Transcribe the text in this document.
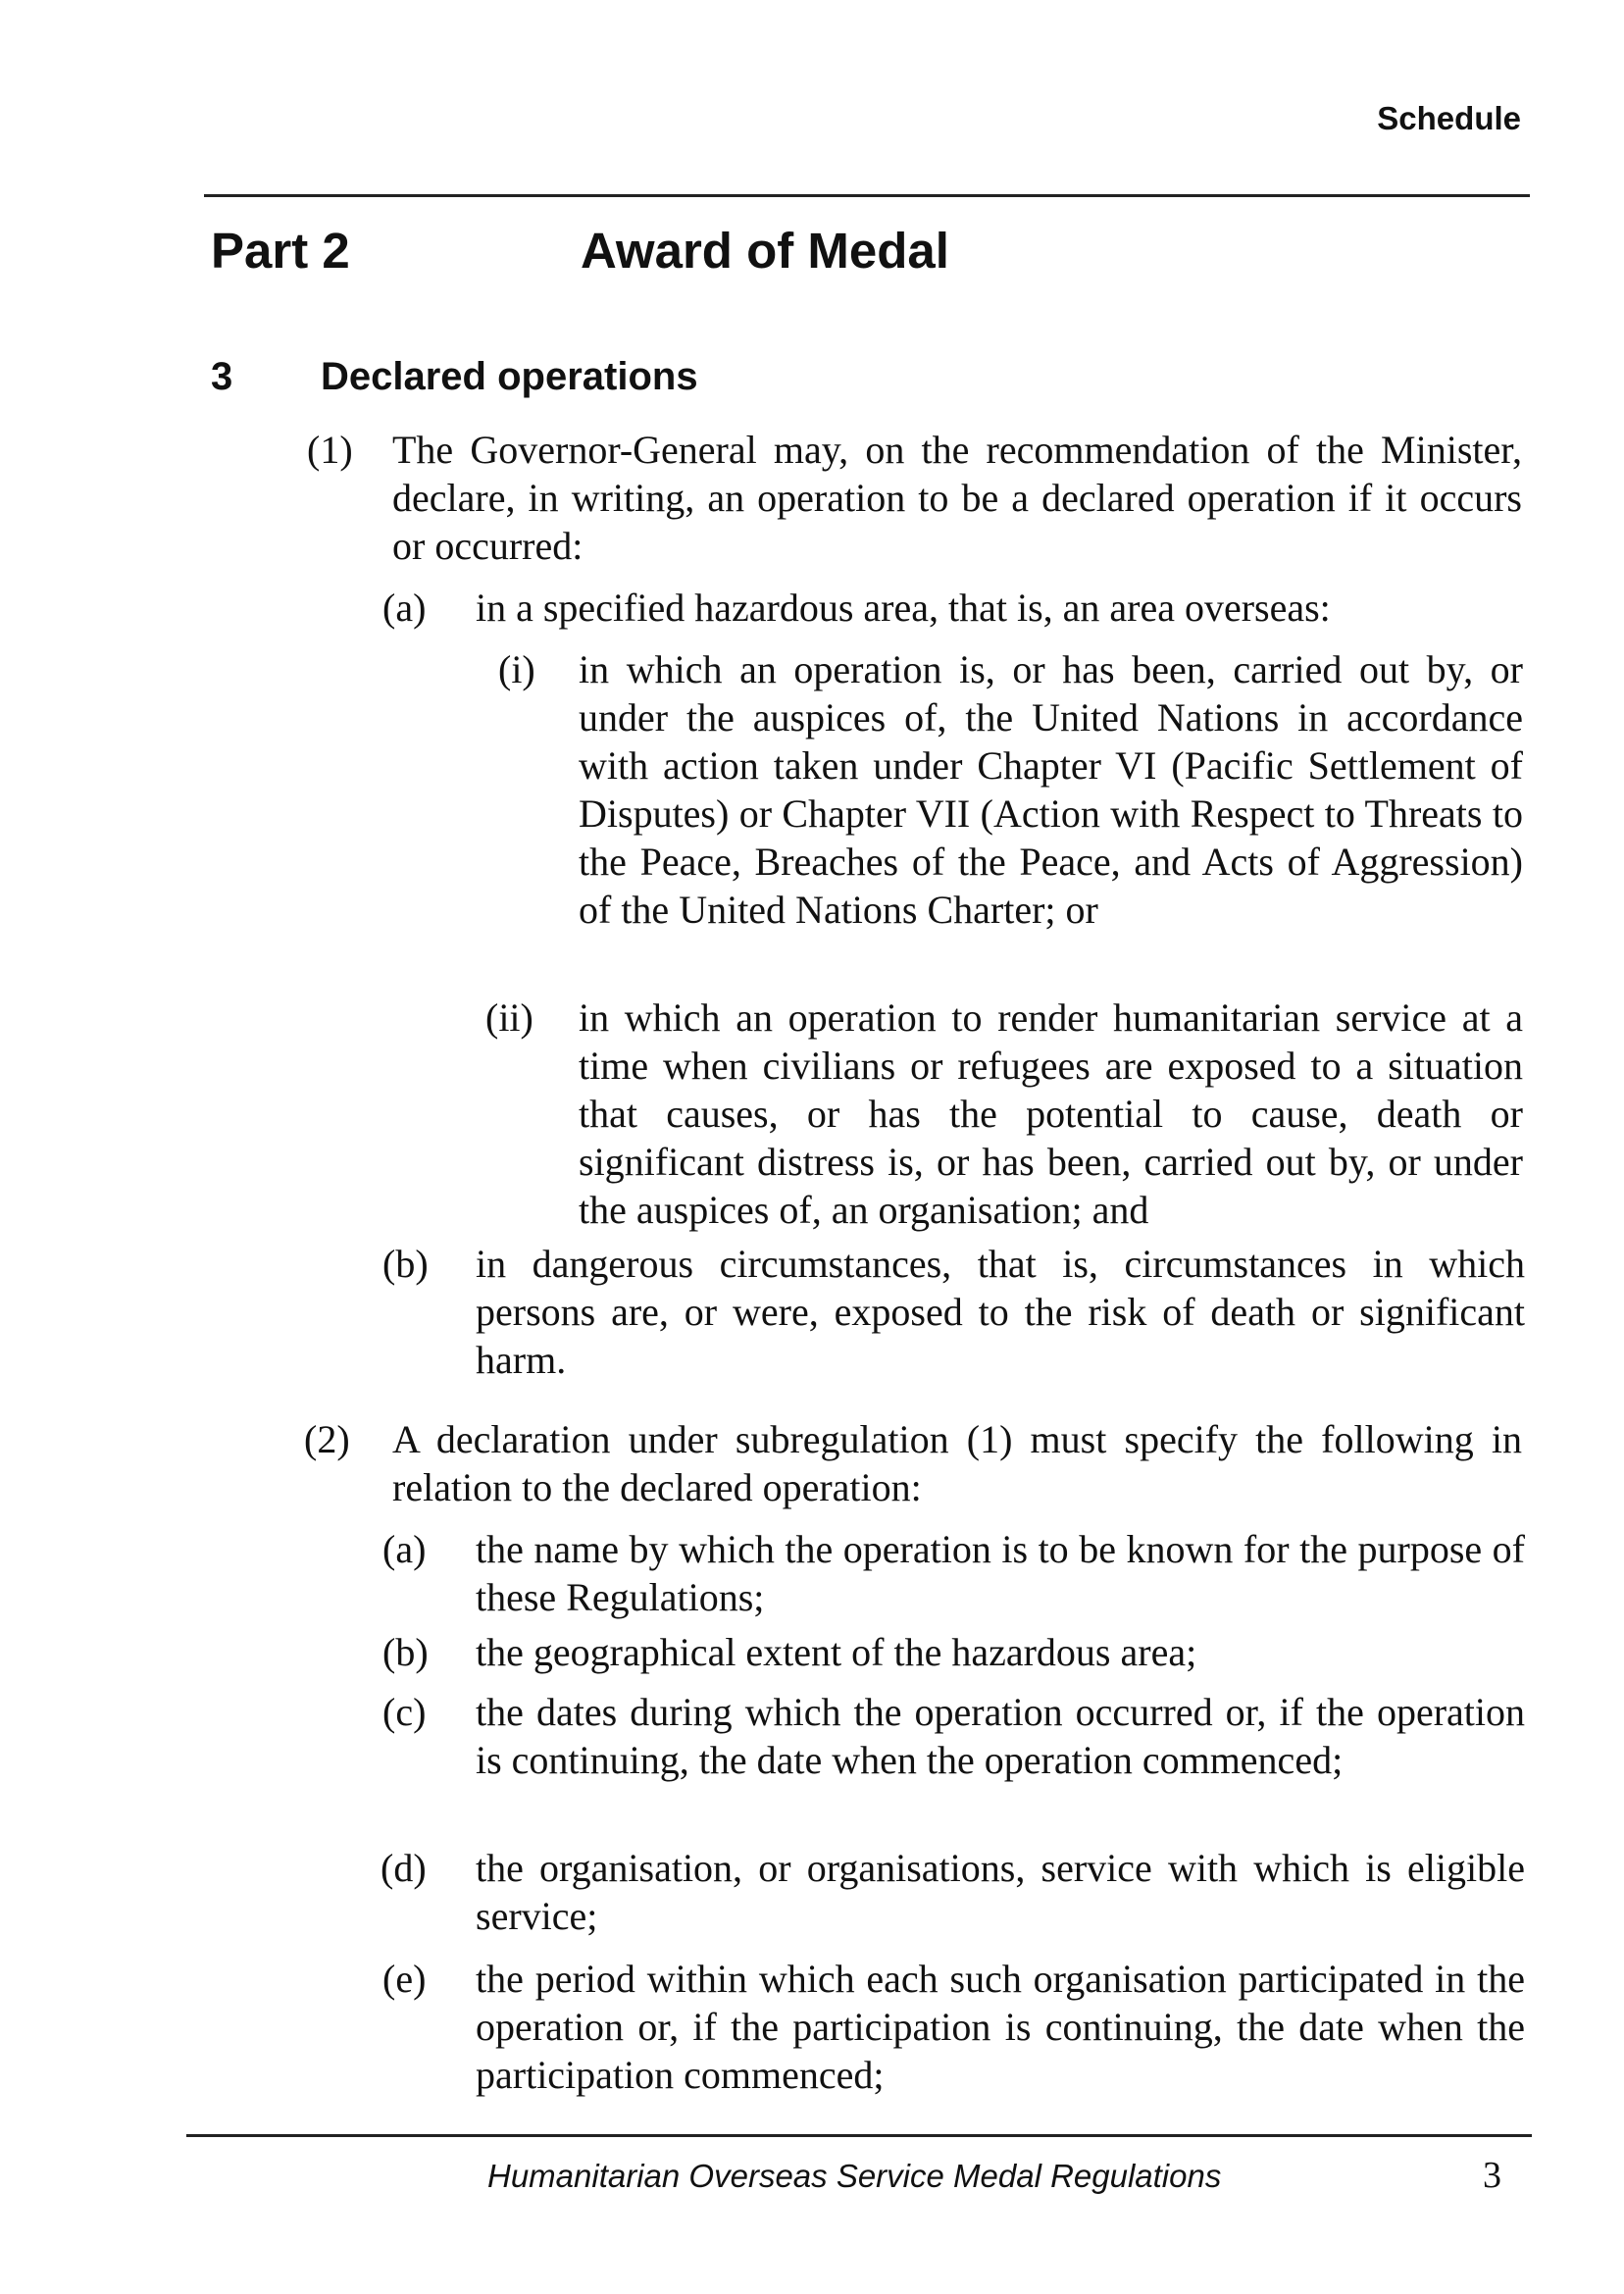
Schedule
Part 2	Award of Medal
3 Declared operations
(1) The Governor-General may, on the recommendation of the Minister, declare, in writing, an operation to be a declared operation if it occurs or occurred:
(a) in a specified hazardous area, that is, an area overseas:
(i) in which an operation is, or has been, carried out by, or under the auspices of, the United Nations in accordance with action taken under Chapter VI (Pacific Settlement of Disputes) or Chapter VII (Action with Respect to Threats to the Peace, Breaches of the Peace, and Acts of Aggression) of the United Nations Charter; or
(ii) in which an operation to render humanitarian service at a time when civilians or refugees are exposed to a situation that causes, or has the potential to cause, death or significant distress is, or has been, carried out by, or under the auspices of, an organisation; and
(b) in dangerous circumstances, that is, circumstances in which persons are, or were, exposed to the risk of death or significant harm.
(2) A declaration under subregulation (1) must specify the following in relation to the declared operation:
(a) the name by which the operation is to be known for the purpose of these Regulations;
(b) the geographical extent of the hazardous area;
(c) the dates during which the operation occurred or, if the operation is continuing, the date when the operation commenced;
(d) the organisation, or organisations, service with which is eligible service;
(e) the period within which each such organisation participated in the operation or, if the participation is continuing, the date when the participation commenced;
Humanitarian Overseas Service Medal Regulations	3
